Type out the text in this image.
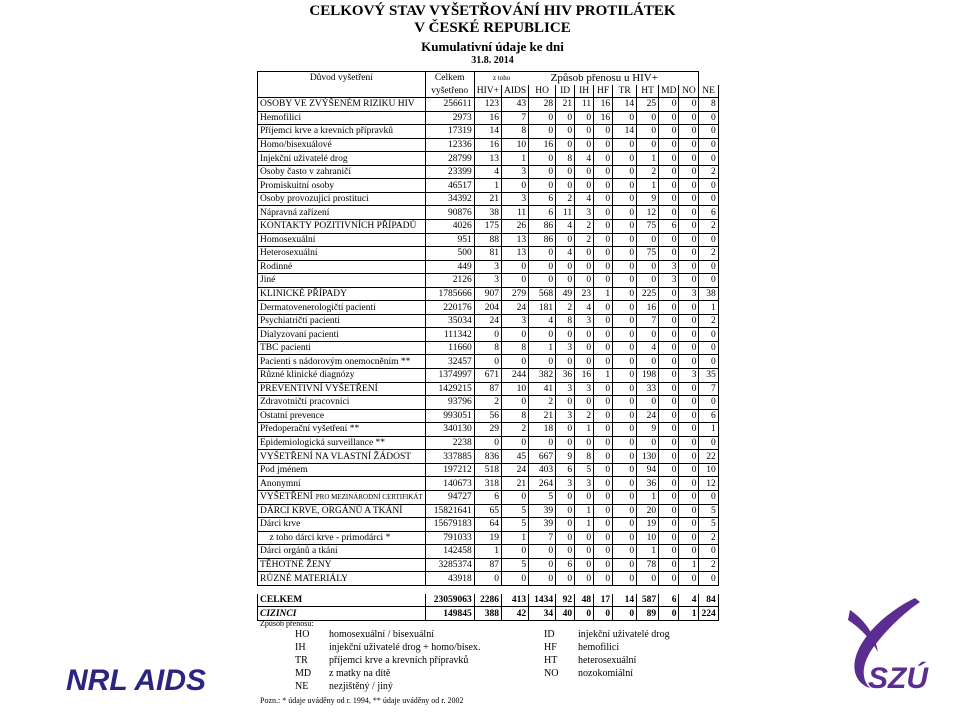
CELKOVÝ STAV VYŠETŘOVÁNÍ HIV PROTILÁTEK
V ČESKÉ REPUBLICE
Kumulativní údaje ke dni
31.8. 2014
Důvod vyšetření	Celkem	z toho		Způsob přenosu u HIV+								
	vyšetřeno	HIV+	AIDS	HO	ID	IH	HF	TR	HT	MD	NO	NE
OSOBY VE ZVÝŠENÉM RIZIKU HIV	256611	123	43	28	21	11	16	14	25	0	0	8
Hemofilici	2973	16	7	0	0	0	16	0	0	0	0	0
Příjemci krve a krevních přípravků	17319	14	8	0	0	0	0	14	0	0	0	0
Homo/bisexuálové	12336	16	10	16	0	0	0	0	0	0	0	0
Injekční uživatelé drog	28799	13	1	0	8	4	0	0	1	0	0	0
Osoby často v zahraničí	23399	4	3	0	0	0	0	0	2	0	0	2
Promiskuitní osoby	46517	1	0	0	0	0	0	0	1	0	0	0
Osoby provozující prostituci	34392	21	3	6	2	4	0	0	9	0	0	0
Nápravná zařízení	90876	38	11	6	11	3	0	0	12	0	0	6
KONTAKTY POZITIVNÍCH PŘÍPADŮ	4026	175	26	86	4	2	0	0	75	6	0	2
Homosexuální	951	88	13	86	0	2	0	0	0	0	0	0
Heterosexuální	500	81	13	0	4	0	0	0	75	0	0	2
Rodinné	449	3	0	0	0	0	0	0	0	3	0	0
Jiné	2126	3	0	0	0	0	0	0	0	3	0	0
KLINICKÉ PŘÍPADY	1785666	907	279	568	49	23	1	0	225	0	3	38
Dermatovenerologičtí pacienti	220176	204	24	181	2	4	0	0	16	0	0	1
Psychiatričtí pacienti	35034	24	3	4	8	3	0	0	7	0	0	2
Dialyzovaní pacienti	111342	0	0	0	0	0	0	0	0	0	0	0
TBC pacienti	11660	8	8	1	3	0	0	0	4	0	0	0
Pacienti s nádorovým onemocněním **	32457	0	0	0	0	0	0	0	0	0	0	0
Různé klinické diagnózy	1374997	671	244	382	36	16	1	0	198	0	3	35
PREVENTIVNÍ VYŠETŘENÍ	1429215	87	10	41	3	3	0	0	33	0	0	7
Zdravotničtí pracovníci	93796	2	0	2	0	0	0	0	0	0	0	0
Ostatní prevence	993051	56	8	21	3	2	0	0	24	0	0	6
Předoperační vyšetření **	340130	29	2	18	0	1	0	0	9	0	0	1
Epidemiologická surveillance **	2238	0	0	0	0	0	0	0	0	0	0	0
VYŠETŘENÍ NA VLASTNÍ ŽÁDOST	337885	836	45	667	9	8	0	0	130	0	0	22
Pod jménem	197212	518	24	403	6	5	0	0	94	0	0	10
Anonymní	140673	318	21	264	3	3	0	0	36	0	0	12
VYŠETŘENÍ PRO MEZINÁRODNÍ CERTIFIKÁT	94727	6	0	5	0	0	0	0	1	0	0	0
DÁRCI KRVE, ORGÁNŮ A TKÁNÍ	15821641	65	5	39	0	1	0	0	20	0	0	5
Dárci krve	15679183	64	5	39	0	1	0	0	19	0	0	5
z toho dárci krve - primodárci *	791033	19	1	7	0	0	0	0	10	0	0	2
Dárci orgánů a tkání	142458	1	0	0	0	0	0	0	1	0	0	0
TĚHOTNÉ ŽENY	3285374	87	5	0	6	0	0	0	78	0	1	2
RŮZNÉ MATERIÁLY	43918	0	0	0	0	0	0	0	0	0	0	0

CELKEM	23059063	2286	413	1434	92	48	17	14	587	6	4	84
CIZINCI	149845	388	42	34	40	0	0	0	89	0	1	224
Způsob přenosu:
HO homosexuální / bisexuální
IH injekční uživatelé drog + homo/bisex.
TR příjemci krve a krevních přípravků
MD z matky na dítě
NE nezjištěný / jiný
ID injekční uživatelé drog
HF hemofilici
HT heterosexuální
NO nozokomiální
Pozn.: * údaje uváděny od r. 1994, ** údaje uváděny od r. 2002
NRL AIDS	SZÚ
